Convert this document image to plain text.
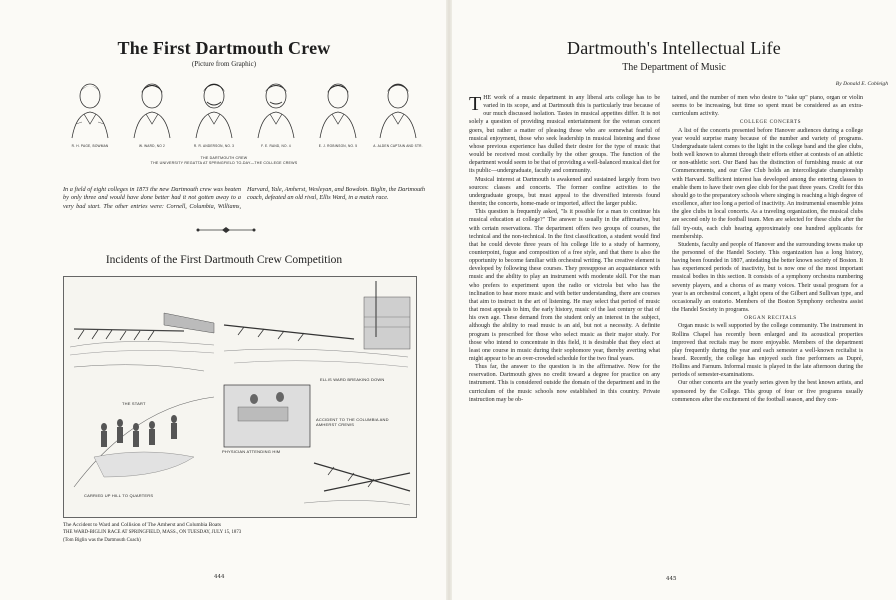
The First Dartmouth Crew
(Picture from Graphic)
R. H. PAGE, BOWMAN	W. WARD, NO 2	R. R. ANDERSON, NO. 3	F. E. RAND, NO. 4	E. J. ROBINSON, NO. 5	A. ALDEN CAPTAIN AND STR.
THE DARTMOUTH CREW
THE UNIVERSITY REGATTA AT SPRINGFIELD TO-DAY—THE COLLEGE CREWS
In a field of eight colleges in 1873 the new Dartmouth crew was beaten by only three and would have done better had it not gotten away to a very bad start. The other entries were: Cornell, Columbia, Williams, Harvard, Yale, Amherst, Wesleyan, and Bowdoin. Biglin, the Dartmouth coach, defeated an old rival, Ellis Ward, in a match race.
Incidents of the First Dartmouth Crew Competition
THE START
ELLIS WARD BREAKING DOWN
ACCIDENT TO THE COLUMBIA AND AMHERST CREWS
PHYSICIAN ATTENDING HIM
CARRIED UP HILL TO QUARTERS
The Accident to Ward and Collision of The Amherst and Columbia Boats
THE WARD-BIGLIN RACE AT SPRINGFIELD, MASS., ON TUESDAY, JULY 15, 1873
(Tom Biglin was the Dartmouth Coach)
444
Dartmouth's Intellectual Life
The Department of Music
By Donald E. Cobleigh

THE work of a music department in any liberal arts college has to be varied in its scope, and at Dartmouth this is particularly true because of our much discussed isolation. Tastes in musical appetites differ. It is not solely a question of providing musical entertainment for the veteran concert goers, but rather a matter of pleasing those who are somewhat fearful of musical enjoyment, those who seek leadership in musical listening and those whose previous experience has dulled their desire for the type of music that would be received most cordially by the other groups. The function of the department would seem to be that of providing a well-balanced musical diet for its public—undergraduate, faculty and community.

Musical interest at Dartmouth is awakened and sustained largely from two sources: classes and concerts. The former confine activities to the undergraduate groups, but must appeal to the diversified interests found therein; the concerts, home-made or imported, affect the larger public.

This question is frequently asked, "Is it possible for a man to continue his musical education at college?" The answer is usually in the affirmative, but with certain reservations. The department offers two groups of courses, the technical and the non-technical. In the first classification, a student would find that he could devote three years of his college life to a study of harmony, counterpoint, fugue and composition of a free style, and that there is also the opportunity to become familiar with orchestral writing. The creative element is developed by following these courses. They presuppose an acquaintance with music and the ability to play an instrument with moderate skill. For the man who prefers to experiment upon the radio or victrola but who has the inclination to hear more music and with better understanding, there are courses that aim to instruct in the art of listening. He may select that period of music that most appeals to him, the early history, music of the last century or that of his own age. These demand from the student only an interest in the subject, although the ability to read music is an aid, but not a necessity. A definite program is prescribed for those who select music as their major study. For those who intend to concentrate in this field, it is desirable that they elect at least one course in music during their sophomore year, thereby averting what might appear to be an over-crowded schedule for the two final years.

Thus far, the answer to the question is in the affirmative. Now for the reservation. Dartmouth gives no credit toward a degree for practice on any instrument. This is considered outside the domain of the department and in the curriculum of the music schools now established in this country. Private instruction may be ob-

tained, and the number of men who desire to "take up" piano, organ or violin seems to be increasing, but time so spent must be considered as an extra-curriculum activity.

COLLEGE CONCERTS

A list of the concerts presented before Hanover audiences during a college year would surprise many because of the number and variety of programs. Undergraduate talent comes to the light in the college band and the glee clubs, both well known to alumni through their efforts either at contests of an athletic or non-athletic sort. Our Band has the distinction of furnishing music at our Commencements, and our Glee Club holds an intercollegiate championship with Harvard. Sufficient interest has developed among the entering classes to enable them to have their own glee club for the past three years. Credit for this should go to the preparatory schools where singing is reaching a high degree of excellence, after too long a period of inactivity. An instrumental ensemble joins the glee clubs in local concerts. As a traveling organization, the musical clubs are second only to the football team. Men are selected for these clubs after the fall try-outs, each club hearing approximately one hundred applicants for membership.

Students, faculty and people of Hanover and the surrounding towns make up the personnel of the Handel Society. This organization has a long history, having been founded in 1807, antedating the better known society of Boston. It has experienced periods of inactivity, but is now one of the most important musical bodies in this section. It consists of a symphony orchestra numbering seventy players, and a chorus of as many voices. Their usual program for a year is an orchestral concert, a light opera of the Gilbert and Sullivan type, and occasionally an oratorio. Members of the Boston Symphony orchestra assist the Handel Society in programs.

ORGAN RECITALS

Organ music is well supported by the college community. The instrument in Rollins Chapel has recently been enlarged and its acoustical properties improved that recitals may be more enjoyable. Members of the department play frequently during the year and each semester a well-known recitalist is heard. Recently, the college has enjoyed such fine performers as Dupré, Hollins and Farnum. Informal music is played in the late afternoon during the periods of semester-examinations.

Our other concerts are the yearly series given by the best known artists, and sponsored by the College. This group of four or five programs usually commences after the excitement of the football season, and they con-

445
